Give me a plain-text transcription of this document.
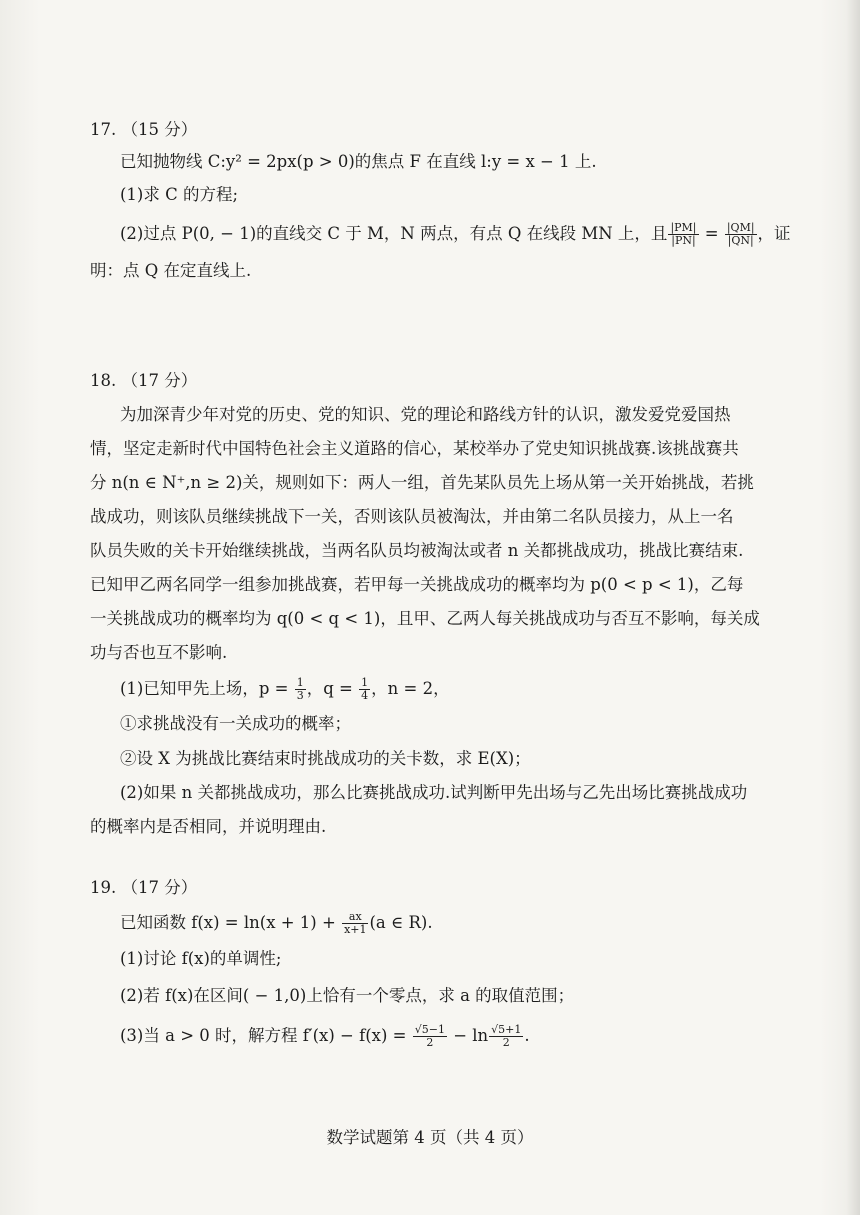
17. （15 分）
已知抛物线 C:y² = 2px(p > 0)的焦点 F 在直线 l:y = x − 1 上.
(1)求 C 的方程;
(2)过点 P(0, − 1)的直线交 C 于 M，N 两点，有点 Q 在线段 MN 上，且 $\frac{|PM|}{|PN|} = \frac{|QM|}{|QN|}$ ，证
明：点 Q 在定直线上.
18. （17 分）
为加深青少年对党的历史、党的知识、党的理论和路线方针的认识，激发爱党爱国热
情，坚定走新时代中国特色社会主义道路的信心，某校举办了党史知识挑战赛.该挑战赛共
分 n(n ∈ N⁺,n ≥ 2)关，规则如下：两人一组，首先某队员先上场从第一关开始挑战，若挑
战成功，则该队员继续挑战下一关，否则该队员被淘汰，并由第二名队员接力，从上一名
队员失败的关卡开始继续挑战，当两名队员均被淘汰或者 n 关都挑战成功，挑战比赛结束.
已知甲乙两名同学一组参加挑战赛，若甲每一关挑战成功的概率均为 p(0 < p < 1)，乙每
一关挑战成功的概率均为 q(0 < q < 1)，且甲、乙两人每关挑战成功与否互不影响，每关成
功与否也互不影响.
(1)已知甲先上场，$p = \frac{1}{3}$ ，$q = \frac{1}{4}$ ，n = 2，
①求挑战没有一关成功的概率；
②设 X 为挑战比赛结束时挑战成功的关卡数，求 E(X)；
(2)如果 n 关都挑战成功，那么比赛挑战成功.试判断甲先出场与乙先出场比赛挑战成功
的概率内是否相同，并说明理由.
19. （17 分）
已知函数 $f(x) = \ln(x + 1) + \frac{ax}{x+1} (a$ ∈ R).
(1)讨论 f(x)的单调性;
(2)若 f(x)在区间( − 1,0)上恰有一个零点，求 a 的取值范围；
(3)当 a > 0 时，解方程 $f'(x) - f(x) = \frac{√5-1}{2} - \ln \frac{√5+1}{2}$ .
数学试题第 4 页（共 4 页）
